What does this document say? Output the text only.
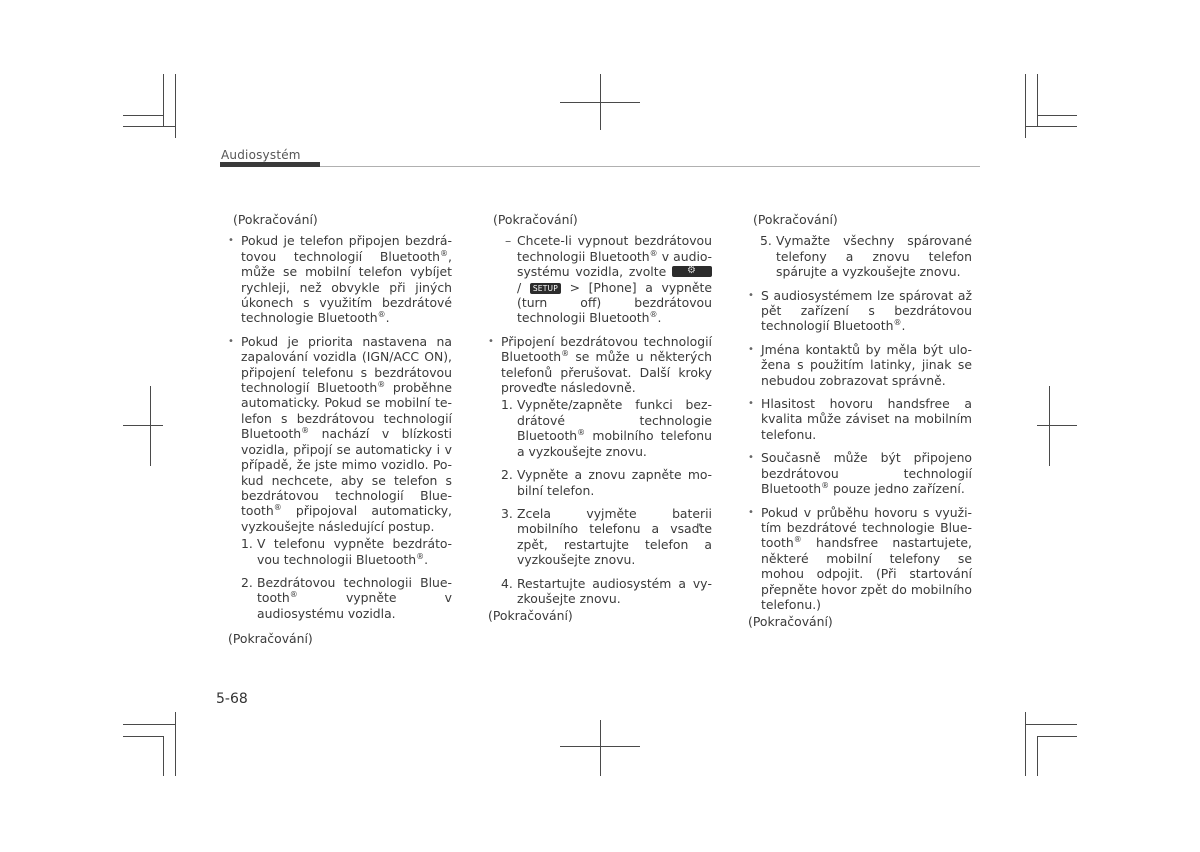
Audiosystém

(Pokračování)

• Pokud je telefon připojen bezdrátovou technologií Bluetooth®, může se mobilní telefon vybíjet rychleji, než obvykle při jiných úkonech s využitím bezdrátové technologie Bluetooth®.
• Pokud je priorita nastavena na zapalování vozidla (IGN/ACC ON), připojení telefonu s bezdrátovou technologií Bluetooth® proběhne automaticky. Pokud se mobilní telefon s bezdrátovou technologií Bluetooth® nachází v blízkosti vozidla, připojí se automaticky i v případě, že jste mimo vozidlo. Pokud nechcete, aby se telefon s bezdrátovou technologií Bluetooth® připojoval automaticky, vyzkoušejte následující postup.
1. V telefonu vypněte bezdrátovou technologii Bluetooth®.
2. Bezdrátovou technologii Bluetooth® vypněte v audiosystému vozidla.

(Pokračování)

(Pokračování)

– Chcete-li vypnout bezdrátovou technologii Bluetooth® v audiosystému vozidla, zvolte ⚙
/ SETUP > [Phone] a vypněte (turn off) bezdrátovou technologii Bluetooth®.
• Připojení bezdrátovou technologií Bluetooth® se může u některých telefonů přerušovat. Další kroky proveďte následovně.
1. Vypněte/zapněte funkci bezdrátové technologie Bluetooth® mobilního telefonu a vyzkoušejte znovu.
2. Vypněte a znovu zapněte mobilní telefon.
3. Zcela vyjměte baterii mobilního telefonu a vsaďte zpět, restartujte telefon a vyzkoušejte znovu.
4. Restartujte audiosystém a vyzkoušejte znovu.

(Pokračování)

(Pokračování)

5. Vymažte všechny spárované telefony a znovu telefon spárujte a vyzkoušejte znovu.
• S audiosystémem lze spárovat až pět zařízení s bezdrátovou technologií Bluetooth®.
• Jména kontaktů by měla být uložena s použitím latinky, jinak se nebudou zobrazovat správně.
• Hlasitost hovoru handsfree a kvalita může záviset na mobilním telefonu.
• Současně může být připojeno bezdrátovou technologií Bluetooth® pouze jedno zařízení.
• Pokud v průběhu hovoru s využitím bezdrátové technologie Bluetooth® handsfree nastartujete, některé mobilní telefony se mohou odpojit. (Při startování přepněte hovor zpět do mobilního telefonu.)

(Pokračování)

5-68
